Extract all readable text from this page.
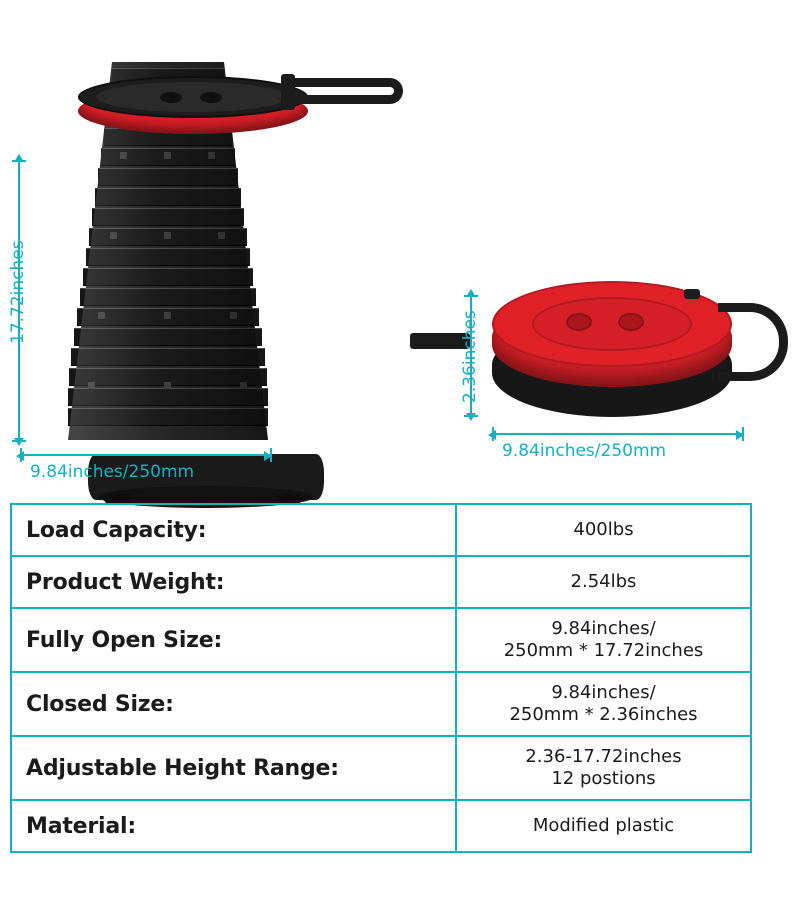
17.72inches
9.84inches/250mm
2.36inches
9.84inches/250mm
Load Capacity:	400lbs
Product Weight:	2.54lbs
Fully Open Size:	9.84inches/
250mm * 17.72inches

Closed Size:	9.84inches/
250mm * 2.36inches

Adjustable Height Range:	2.36-17.72inches
12 postions

Material:	Modified plastic
